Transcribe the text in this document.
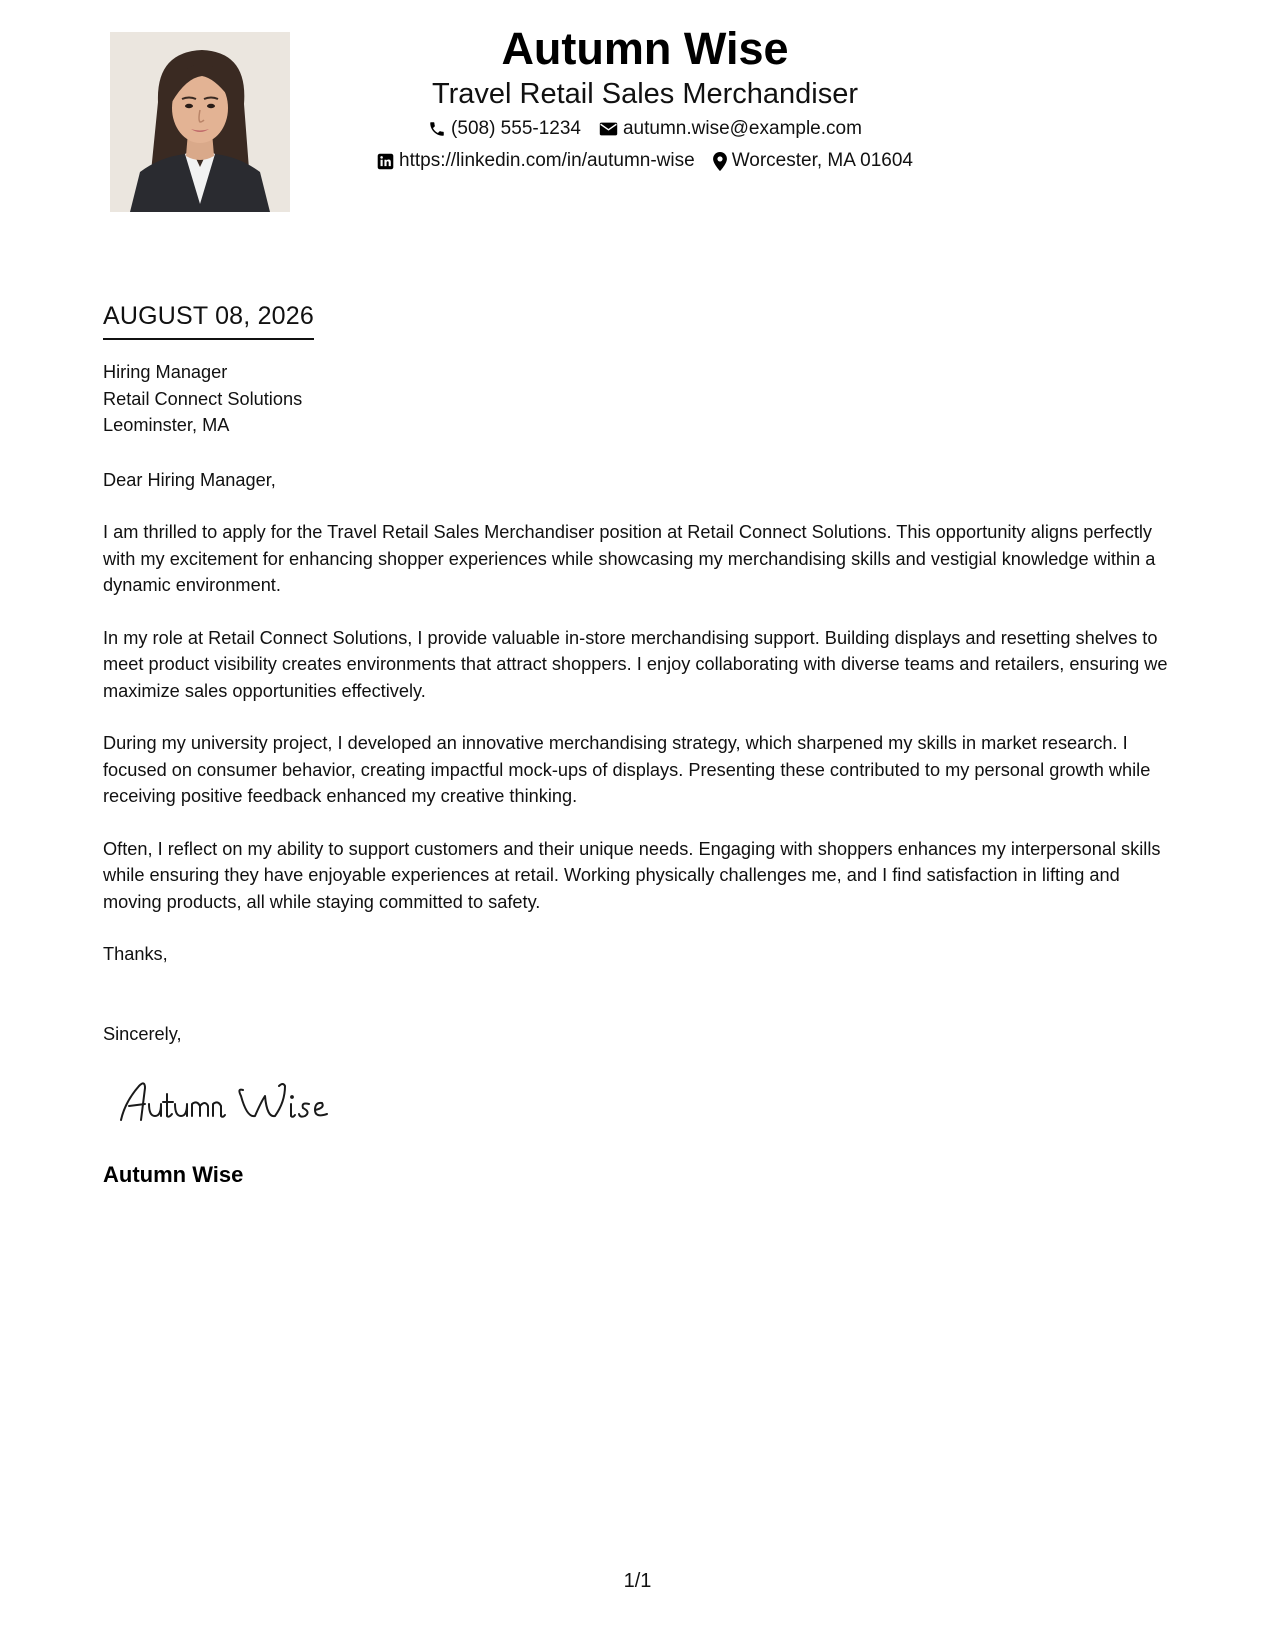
Autumn Wise
Travel Retail Sales Merchandiser
(508) 555-1234 autumn.wise@example.com
https://linkedin.com/in/autumn-wise Worcester, MA 01604
AUGUST 08, 2026
Hiring Manager
Retail Connect Solutions
Leominster, MA
Dear Hiring Manager,

I am thrilled to apply for the Travel Retail Sales Merchandiser position at Retail Connect Solutions. This opportunity aligns perfectly with my excitement for enhancing shopper experiences while showcasing my merchandising skills and vestigial knowledge within a dynamic environment.

In my role at Retail Connect Solutions, I provide valuable in-store merchandising support. Building displays and resetting shelves to meet product visibility creates environments that attract shoppers. I enjoy collaborating with diverse teams and retailers, ensuring we maximize sales opportunities effectively.

During my university project, I developed an innovative merchandising strategy, which sharpened my skills in market research. I focused on consumer behavior, creating impactful mock-ups of displays. Presenting these contributed to my personal growth while receiving positive feedback enhanced my creative thinking.

Often, I reflect on my ability to support customers and their unique needs. Engaging with shoppers enhances my interpersonal skills while ensuring they have enjoyable experiences at retail. Working physically challenges me, and I find satisfaction in lifting and moving products, all while staying committed to safety.

Thanks,
Sincerely,
Autumn Wise
1/1
